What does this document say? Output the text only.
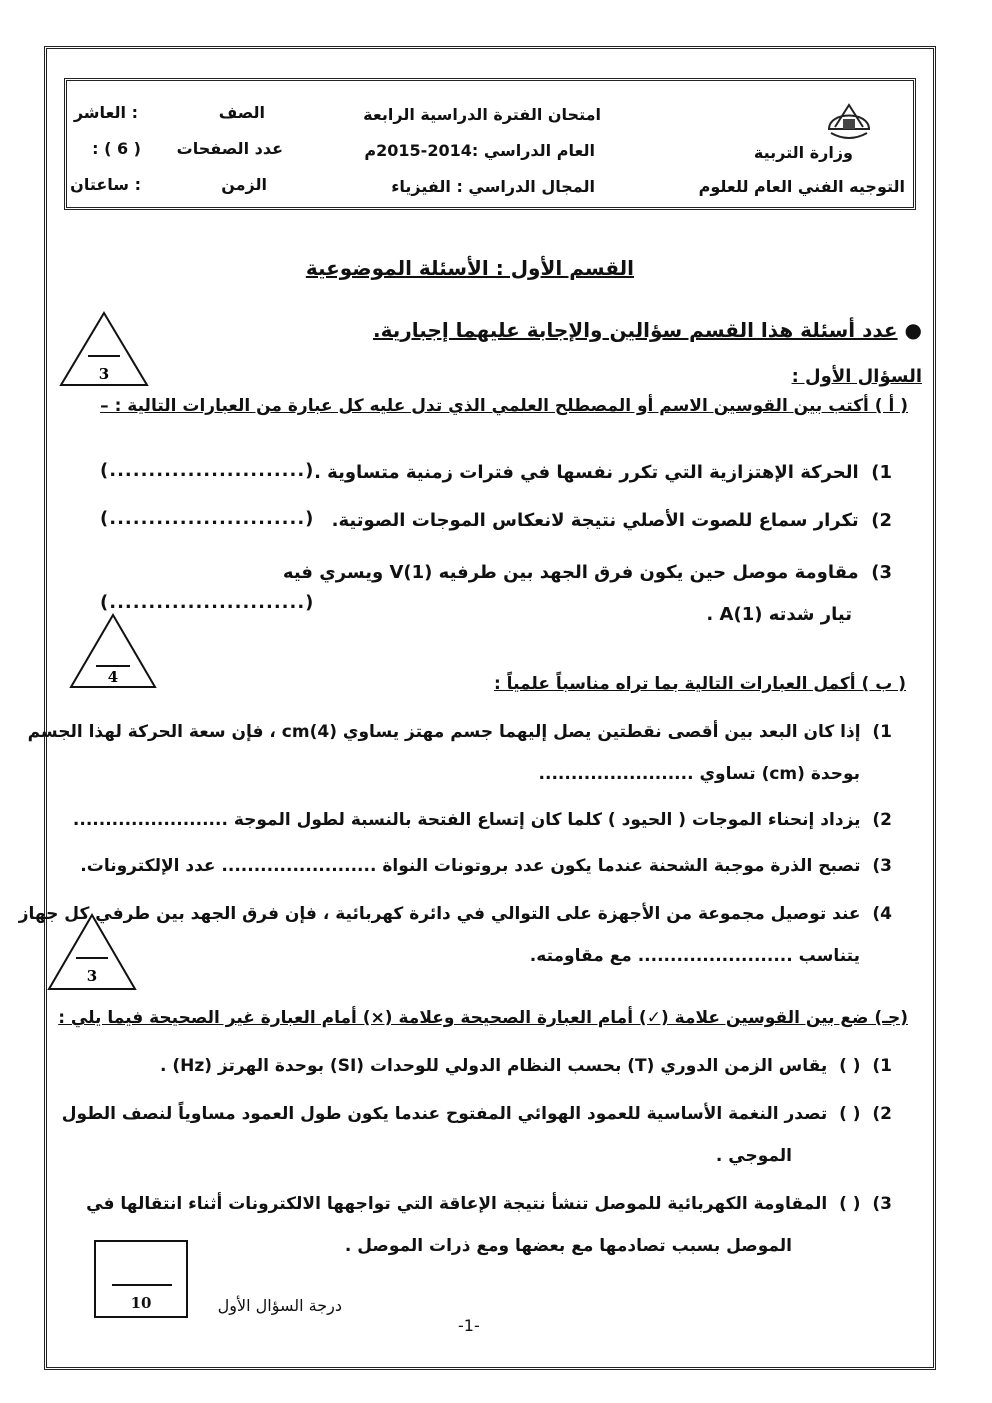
وزارة التربية
التوجيه الفني العام للعلوم
امتحان الفترة الدراسية الرابعة
العام الدراسي :2014-2015م
المجال الدراسي : الفيزياء
الصف
: العاشر
عدد الصفحات
: ( 6 )
الزمن
: ساعتان
القسم الأول : الأسئلة الموضوعية
● عدد أسئلة هذا القسم سؤالين والإجابة عليهما إجبارية.
3	السؤال الأول :
( أ ) أكتب بين القوسين الاسم أو المصطلح العلمي الذي تدل عليه كل عبارة من العبارات التالية : –
1)  الحركة الإهتزازية التي تكرر نفسها في فترات زمنية متساوية .
(.........................)
2)  تكرار سماع للصوت الأصلي نتيجة لانعكاس الموجات الصوتية.
(.........................)
3)  مقاومة موصل حين يكون فرق الجهد بين طرفيه (1)V ويسري فيه
تيار شدته (1)A .
(.........................)
4	( ب ) أكمل العبارات التالية بما تراه مناسباً علمياً :
1)  إذا كان البعد بين أقصى نقطتين يصل إليهما جسم مهتز يساوي (4)cm ، فإن سعة الحركة لهذا الجسم
بوحدة (cm) تساوي ........................
2)  يزداد إنحناء الموجات ( الحيود ) كلما كان إتساع الفتحة بالنسبة لطول الموجة ........................
3)  تصبح الذرة موجبة الشحنة عندما يكون عدد بروتونات النواة ........................ عدد الإلكترونات.
4)  عند توصيل مجموعة من الأجهزة على التوالي في دائرة كهربائية ، فإن فرق الجهد بين طرفي كل جهاز
يتناسب ........................ مع مقاومته.
3
(جـ) ضع بين القوسين علامة (✓) أمام العبارة الصحيحة وعلامة (×) أمام العبارة غير الصحيحة فيما يلي :
1)  ( )  يقاس الزمن الدوري (T) بحسب النظام الدولي للوحدات (SI) بوحدة الهرتز (Hz) .
2)  ( )  تصدر النغمة الأساسية للعمود الهوائي المفتوح عندما يكون طول العمود مساوياً لنصف الطول
الموجي .
3)  ( )  المقاومة الكهربائية للموصل تنشأ نتيجة الإعاقة التي تواجهها الالكترونات أثناء انتقالها في
الموصل بسبب تصادمها مع بعضها ومع ذرات الموصل .
10	درجة السؤال الأول
-1-
